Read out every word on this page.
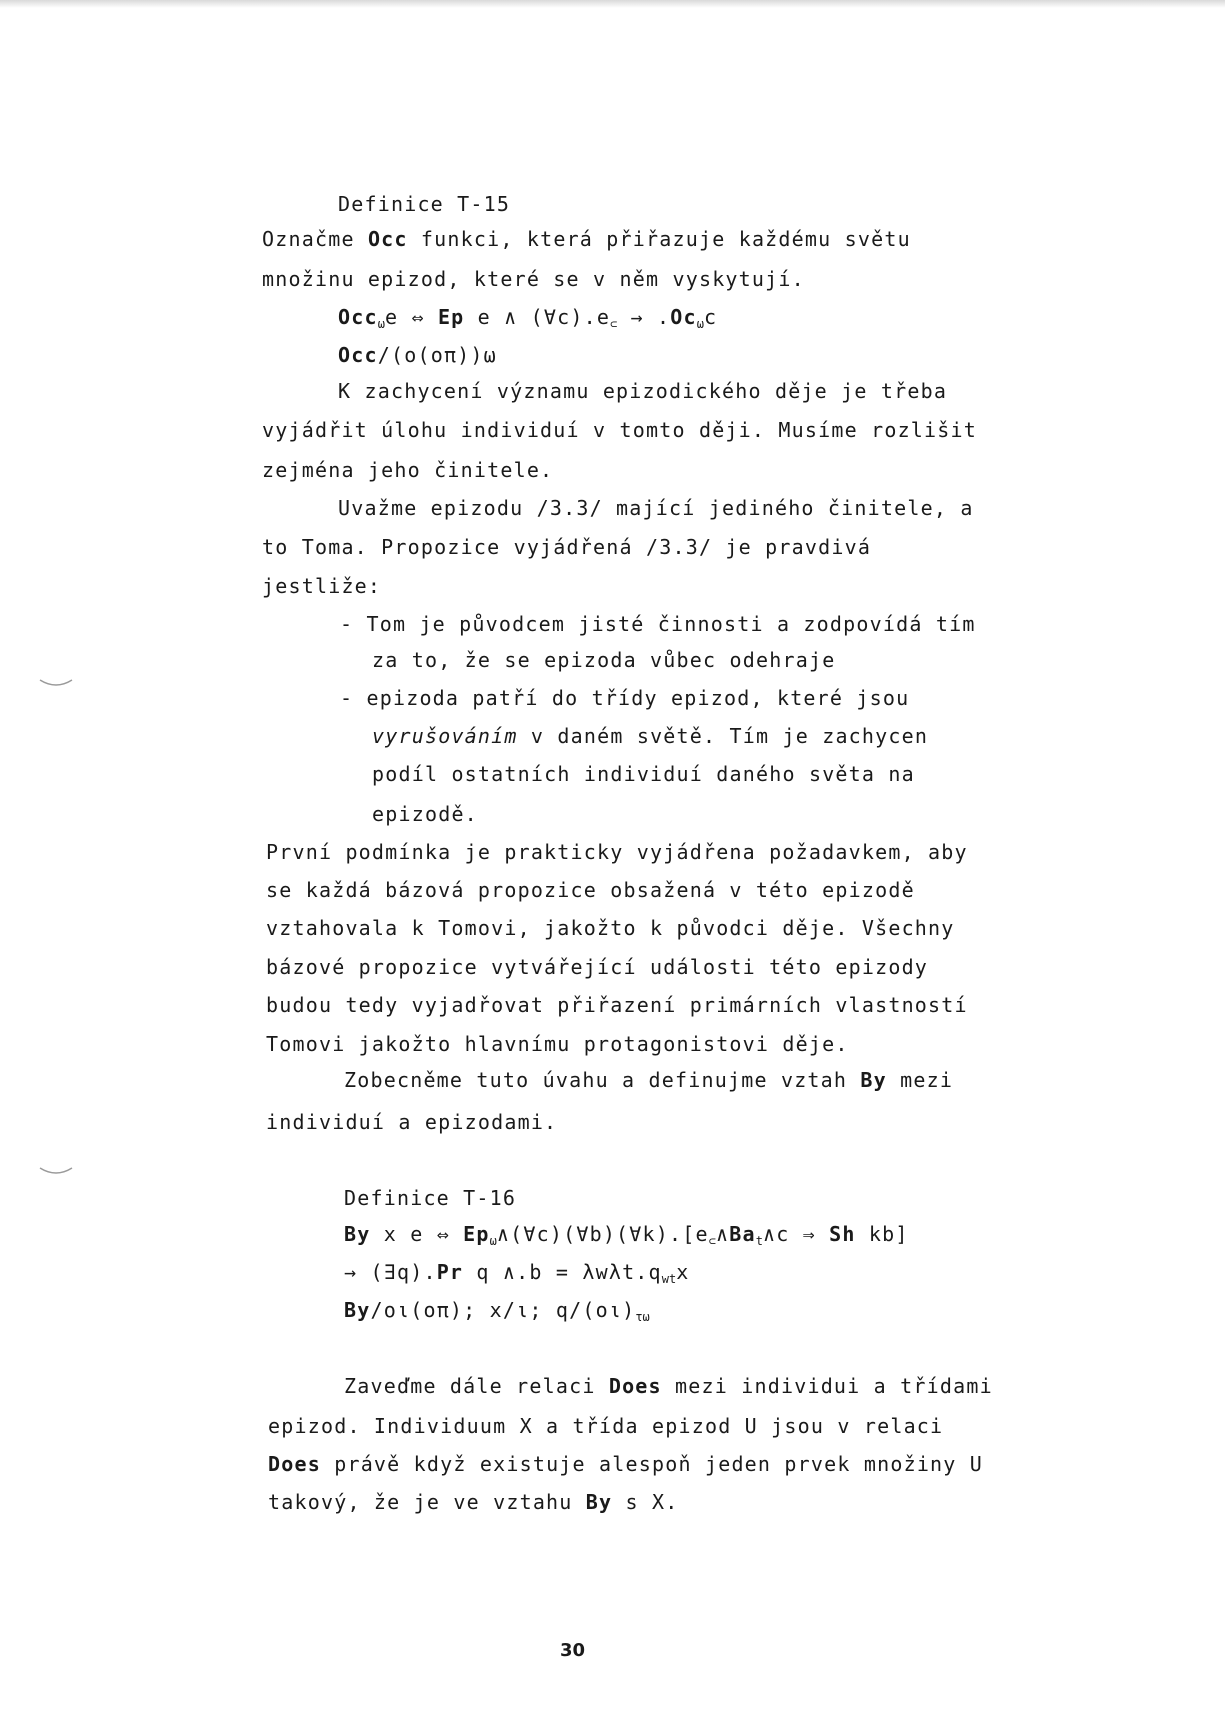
Definice T-15
Označme Occ funkci, která přiřazuje každému světu
množinu epizod, které se v něm vyskytují.
Occ$_\omega$e ⇔ Ep e ∧ $(\forall c).e_\subset \to .Oc_\omega c$
Occ/(o(oπ))ω
K zachycení významu epizodického děje je třeba
vyjádřit úlohu individuí v tomto ději. Musíme rozlišit
zejména jeho činitele.
Uvažme epizodu /3.3/ mající jediného činitele, a
to Toma. Propozice vyjádřená /3.3/ je pravdivá
jestliže:
- Tom je původcem jisté činnosti a zodpovídá tím
za to, že se epizoda vůbec odehraje
- epizoda patří do třídy epizod, které jsou
vyrušováním v daném světě. Tím je zachycen
podíl ostatních individuí daného světa na
epizodě.
První podmínka je prakticky vyjádřena požadavkem, aby
se každá bázová propozice obsažená v této epizodě
vztahovala k Tomovi, jakožto k původci děje. Všechny
bázové propozice vytvářející události této epizody
budou tedy vyjadřovat přiřazení primárních vlastností
Tomovi jakožto hlavnímu protagonistovi děje.
Zobecněme tuto úvahu a definujme vztah By mezi
individuí a epizodami.
Definice T-16
By x e ⇔ $Ep_\omega\wedge(\forall c)(\forall b)(\forall k).[e_\subset\wedge Ba_t\wedge c$ ⇒ Sh kb]
→ (∃q).Pr q ∧.b = $\lambda w\lambda t.q_{wt}x$
By/οι(oπ); x/ι; $q/(o\iota)_{\tau\omega}$
Zaveďme dále relaci Does mezi individui a třídami
epizod. Individuum X a třída epizod U jsou v relaci
Does právě když existuje alespoň jeden prvek množiny U
takový, že je ve vztahu By s X.
30
